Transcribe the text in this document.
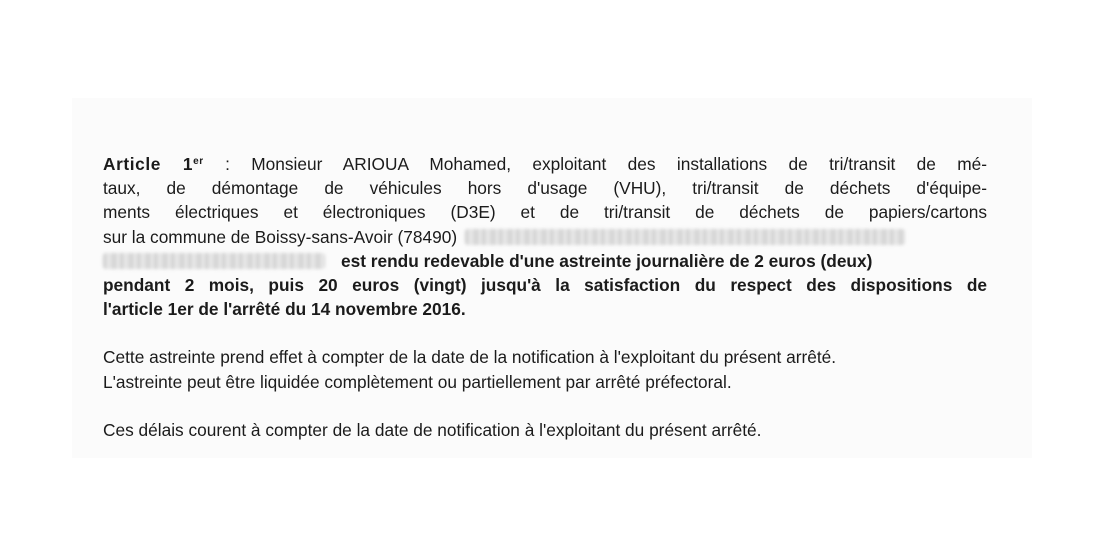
Article 1er : Monsieur ARIOUA Mohamed, exploitant des installations de tri/transit de mé-
taux, de démontage de véhicules hors d'usage (VHU), tri/transit de déchets d'équipe-
ments électriques et électroniques (D3E) et de tri/transit de déchets de papiers/cartons
sur la commune de Boissy-sans-Avoir (78490)
est rendu redevable d'une astreinte journalière de 2 euros (deux)
pendant 2 mois, puis 20 euros (vingt) jusqu'à la satisfaction du respect des dispositions de
l'article 1er de l'arrêté du 14 novembre 2016.
Cette astreinte prend effet à compter de la date de la notification à l'exploitant du présent arrêté.
L'astreinte peut être liquidée complètement ou partiellement par arrêté préfectoral.
Ces délais courent à compter de la date de notification à l'exploitant du présent arrêté.
